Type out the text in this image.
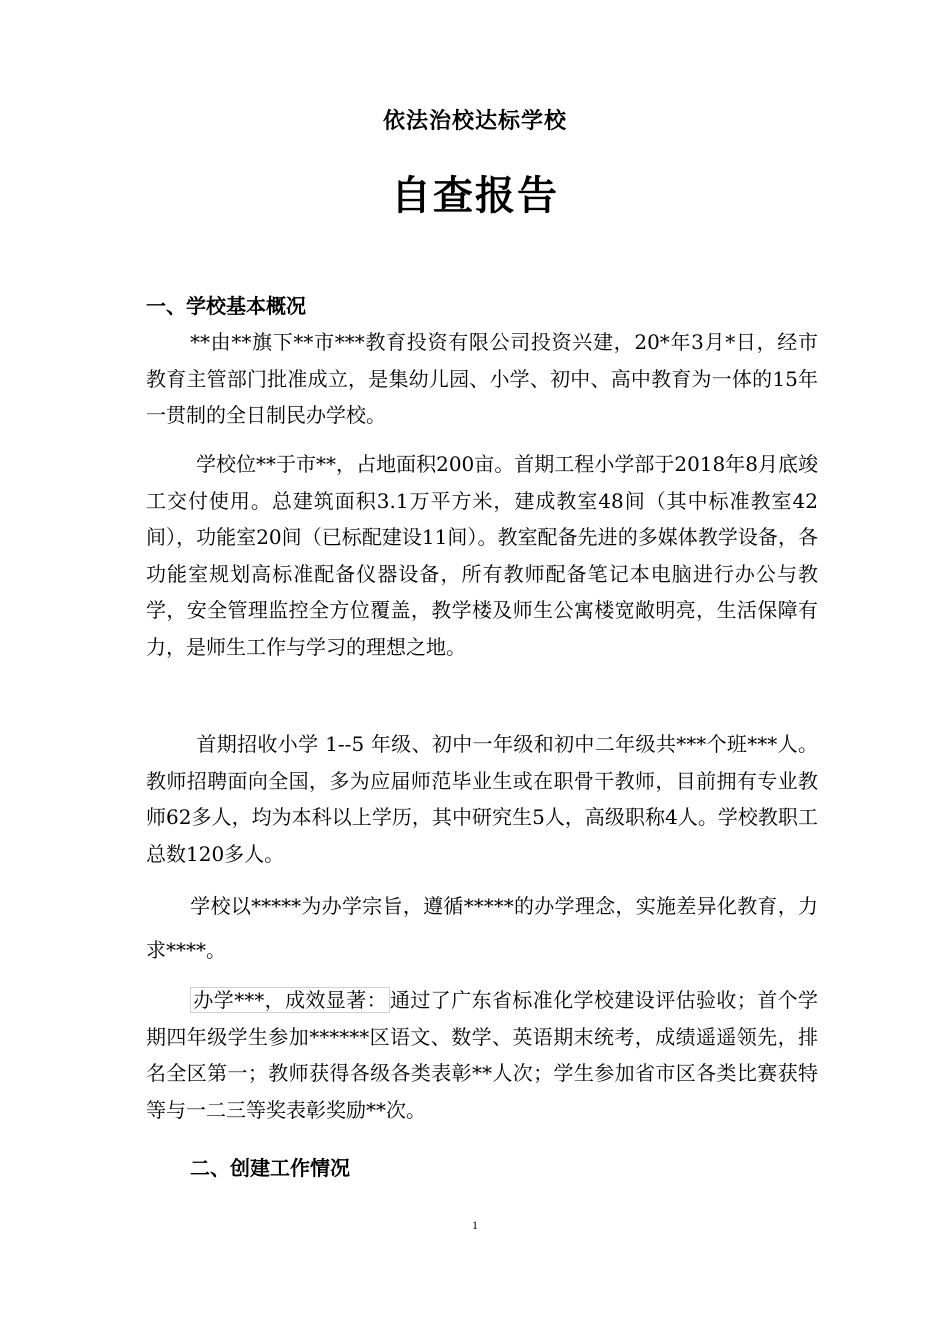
依法治校达标学校
自查报告
一、学校基本概况

**由**旗下**市***教育投资有限公司投资兴建，20*年3月*日，经市教育主管部门批准成立，是集幼儿园、小学、初中、高中教育为一体的15年一贯制的全日制民办学校。

学校位**于市**，占地面积200亩。首期工程小学部于2018年8月底竣工交付使用。总建筑面积3.1万平方米，建成教室48间（其中标准教室42间），功能室20间（已标配建设11间）。教室配备先进的多媒体教学设备，各功能室规划高标准配备仪器设备，所有教师配备笔记本电脑进行办公与教学，安全管理监控全方位覆盖，教学楼及师生公寓楼宽敞明亮，生活保障有力，是师生工作与学习的理想之地。

首期招收小学 1--5 年级、初中一年级和初中二年级共***个班***人。教师招聘面向全国，多为应届师范毕业生或在职骨干教师，目前拥有专业教师62多人，均为本科以上学历，其中研究生5人，高级职称4人。学校教职工总数120多人。

学校以*****为办学宗旨，遵循*****的办学理念，实施差异化教育，力求****。

办学***，成效显著： 通过了广东省标准化学校建设评估验收；首个学期四年级学生参加******区语文、数学、英语期末统考，成绩遥遥领先，排名全区第一；教师获得各级各类表彰**人次；学生参加省市区各类比赛获特等与一二三等奖表彰奖励**次。

二、创建工作情况
1
